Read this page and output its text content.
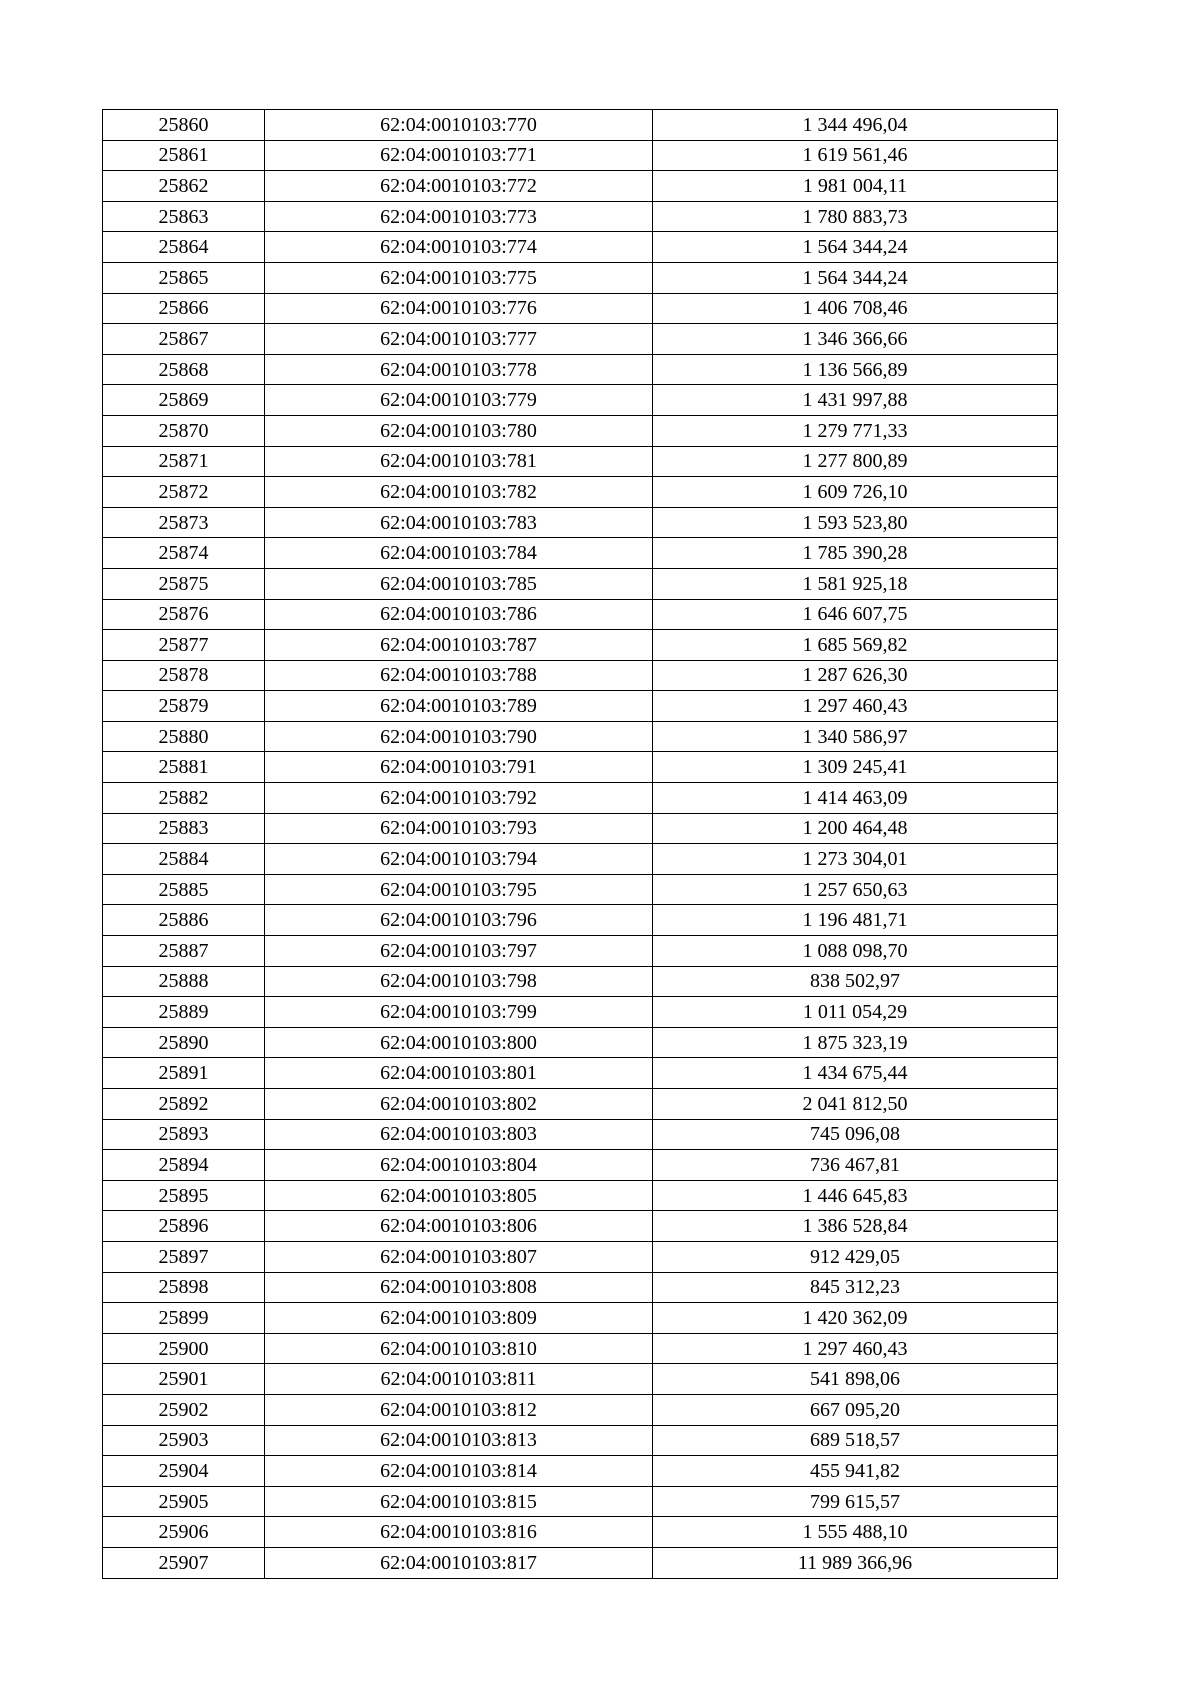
25860	62:04:0010103:770	1 344 496,04
25861	62:04:0010103:771	1 619 561,46
25862	62:04:0010103:772	1 981 004,11
25863	62:04:0010103:773	1 780 883,73
25864	62:04:0010103:774	1 564 344,24
25865	62:04:0010103:775	1 564 344,24
25866	62:04:0010103:776	1 406 708,46
25867	62:04:0010103:777	1 346 366,66
25868	62:04:0010103:778	1 136 566,89
25869	62:04:0010103:779	1 431 997,88
25870	62:04:0010103:780	1 279 771,33
25871	62:04:0010103:781	1 277 800,89
25872	62:04:0010103:782	1 609 726,10
25873	62:04:0010103:783	1 593 523,80
25874	62:04:0010103:784	1 785 390,28
25875	62:04:0010103:785	1 581 925,18
25876	62:04:0010103:786	1 646 607,75
25877	62:04:0010103:787	1 685 569,82
25878	62:04:0010103:788	1 287 626,30
25879	62:04:0010103:789	1 297 460,43
25880	62:04:0010103:790	1 340 586,97
25881	62:04:0010103:791	1 309 245,41
25882	62:04:0010103:792	1 414 463,09
25883	62:04:0010103:793	1 200 464,48
25884	62:04:0010103:794	1 273 304,01
25885	62:04:0010103:795	1 257 650,63
25886	62:04:0010103:796	1 196 481,71
25887	62:04:0010103:797	1 088 098,70
25888	62:04:0010103:798	838 502,97
25889	62:04:0010103:799	1 011 054,29
25890	62:04:0010103:800	1 875 323,19
25891	62:04:0010103:801	1 434 675,44
25892	62:04:0010103:802	2 041 812,50
25893	62:04:0010103:803	745 096,08
25894	62:04:0010103:804	736 467,81
25895	62:04:0010103:805	1 446 645,83
25896	62:04:0010103:806	1 386 528,84
25897	62:04:0010103:807	912 429,05
25898	62:04:0010103:808	845 312,23
25899	62:04:0010103:809	1 420 362,09
25900	62:04:0010103:810	1 297 460,43
25901	62:04:0010103:811	541 898,06
25902	62:04:0010103:812	667 095,20
25903	62:04:0010103:813	689 518,57
25904	62:04:0010103:814	455 941,82
25905	62:04:0010103:815	799 615,57
25906	62:04:0010103:816	1 555 488,10
25907	62:04:0010103:817	11 989 366,96
